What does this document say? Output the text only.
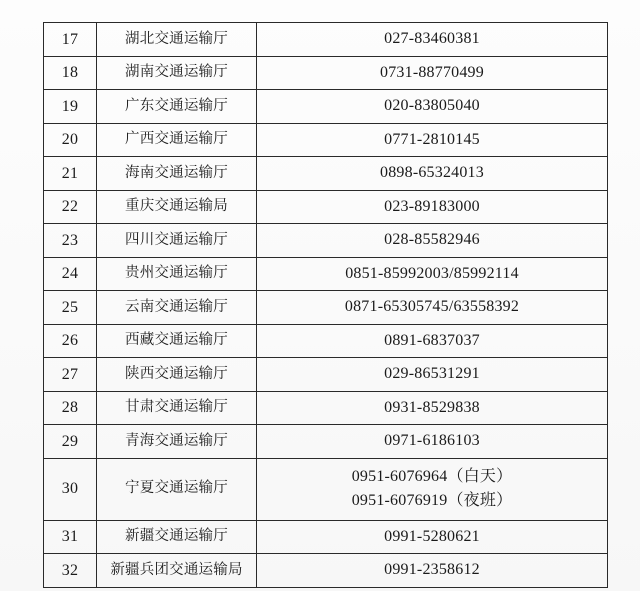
17	湖北交通运输厅	027-83460381

18	湖南交通运输厅	0731-88770499

19	广东交通运输厅	020-83805040

20	广西交通运输厅	0771-2810145

21	海南交通运输厅	0898-65324013

22	重庆交通运输局	023-89183000

23	四川交通运输厅	028-85582946

24	贵州交通运输厅	0851-85992003/85992114

25	云南交通运输厅	0871-65305745/63558392

26	西藏交通运输厅	0891-6837037

27	陕西交通运输厅	029-86531291

28	甘肃交通运输厅	0931-8529838

29	青海交通运输厅	0971-6186103

30	宁夏交通运输厅	0951-6076964（白天）
0951-6076919（夜班）

31	新疆交通运输厅	0991-5280621

32	新疆兵团交通运输局	0991-2358612
